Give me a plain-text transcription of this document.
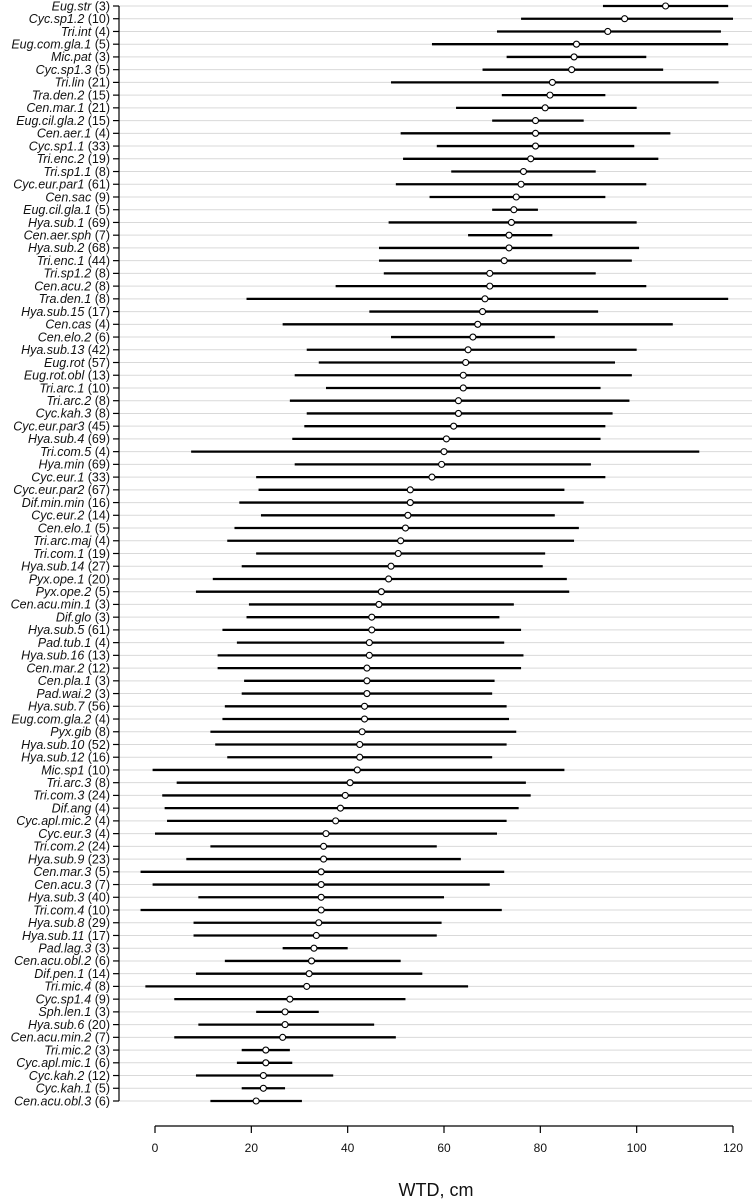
Eug.str (3)
Cyc.sp1.2 (10)
Tri.int (4)
Eug.com.gla.1 (5)
Mic.pat (3)
Cyc.sp1.3 (5)
Tri.lin (21)
Tra.den.2 (15)
Cen.mar.1 (21)
Eug.cil.gla.2 (15)
Cen.aer.1 (4)
Cyc.sp1.1 (33)
Tri.enc.2 (19)
Tri.sp1.1 (8)
Cyc.eur.par1 (61)
Cen.sac (9)
Eug.cil.gla.1 (5)
Hya.sub.1 (69)
Cen.aer.sph (7)
Hya.sub.2 (68)
Tri.enc.1 (44)
Tri.sp1.2 (8)
Cen.acu.2 (8)
Tra.den.1 (8)
Hya.sub.15 (17)
Cen.cas (4)
Cen.elo.2 (6)
Hya.sub.13 (42)
Eug.rot (57)
Eug.rot.obl (13)
Tri.arc.1 (10)
Tri.arc.2 (8)
Cyc.kah.3 (8)
Cyc.eur.par3 (45)
Hya.sub.4 (69)
Tri.com.5 (4)
Hya.min (69)
Cyc.eur.1 (33)
Cyc.eur.par2 (67)
Dif.min.min (16)
Cyc.eur.2 (14)
Cen.elo.1 (5)
Tri.arc.maj (4)
Tri.com.1 (19)
Hya.sub.14 (27)
Pyx.ope.1 (20)
Pyx.ope.2 (5)
Cen.acu.min.1 (3)
Dif.glo (3)
Hya.sub.5 (61)
Pad.tub.1 (4)
Hya.sub.16 (13)
Cen.mar.2 (12)
Cen.pla.1 (3)
Pad.wai.2 (3)
Hya.sub.7 (56)
Eug.com.gla.2 (4)
Pyx.gib (8)
Hya.sub.10 (52)
Hya.sub.12 (16)
Mic.sp1 (10)
Tri.arc.3 (8)
Tri.com.3 (24)
Dif.ang (4)
Cyc.apl.mic.2 (4)
Cyc.eur.3 (4)
Tri.com.2 (24)
Hya.sub.9 (23)
Cen.mar.3 (5)
Cen.acu.3 (7)
Hya.sub.3 (40)
Tri.com.4 (10)
Hya.sub.8 (29)
Hya.sub.11 (17)
Pad.lag.3 (3)
Cen.acu.obl.2 (6)
Dif.pen.1 (14)
Tri.mic.4 (8)
Cyc.sp1.4 (9)
Sph.len.1 (3)
Hya.sub.6 (20)
Cen.acu.min.2 (7)
Tri.mic.2 (3)
Cyc.apl.mic.1 (6)
Cyc.kah.2 (12)
Cyc.kah.1 (5)
Cen.acu.obl.3 (6)
0	20	40	60	80	100	120
WTD, cm
